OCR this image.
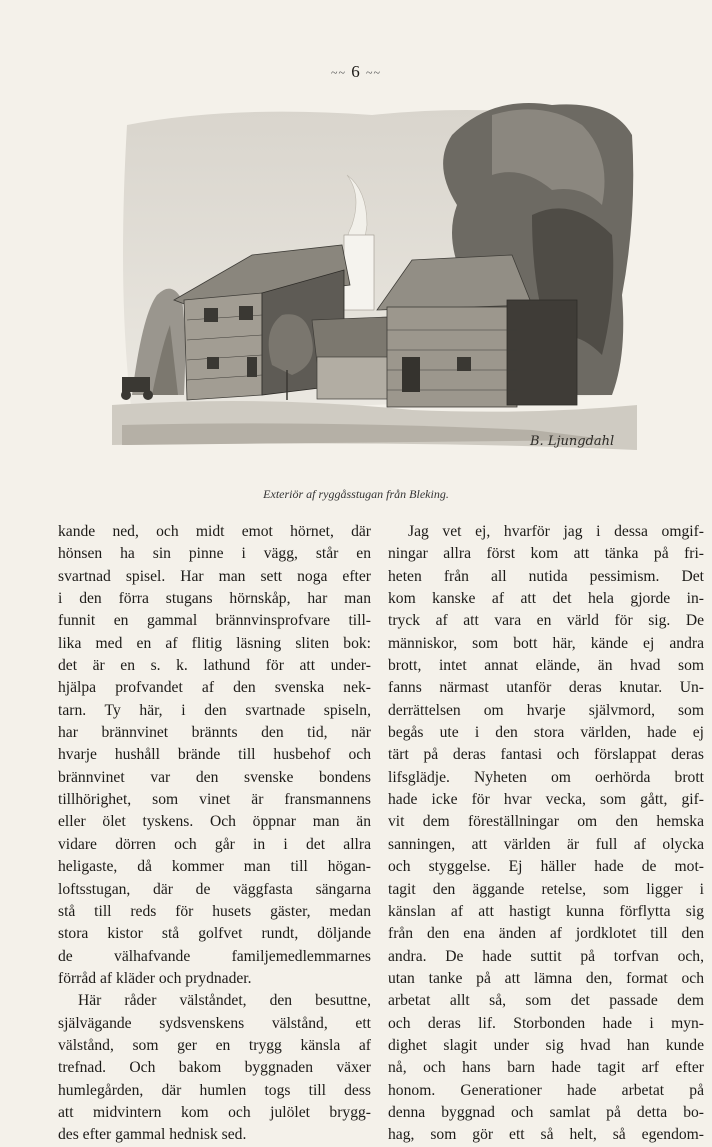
~~ 6 ~~
B. Ljungdahl
Exteriör af ryggåsstugan från Bleking.
kande ned, och midt emot hörnet, där
hönsen ha sin pinne i vägg, står en
svartnad spisel. Har man sett noga efter
i den förra stugans hörnskåp, har man
funnit en gammal brännvinsprofvare till-
lika med en af flitig läsning sliten bok:
det är en s. k. lathund för att under-
hjälpa profvandet af den svenska nek-
tarn. Ty här, i den svartnade spiseln,
har brännvinet brännts den tid, när
hvarje hushåll brände till husbehof och
brännvinet var den svenske bondens
tillhörighet, som vinet är fransmannens
eller ölet tyskens. Och öppnar man än
vidare dörren och går in i det allra
heligaste, då kommer man till högan-
loftsstugan, där de väggfasta sängarna
stå till reds för husets gäster, medan
stora kistor stå golfvet rundt, döljande
de välhafvande familjemedlemmarnes
förråd af kläder och prydnader.
Här råder välståndet, den besuttne,
självägande sydsvenskens välstånd, ett
välstånd, som ger en trygg känsla af
trefnad. Och bakom byggnaden växer
humlegården, där humlen togs till dess
att midvintern kom och julölet brygg-
des efter gammal hednisk sed.
Jag vet ej, hvarför jag i dessa omgif-
ningar allra först kom att tänka på fri-
heten från all nutida pessimism. Det
kom kanske af att det hela gjorde in-
tryck af att vara en värld för sig. De
människor, som bott här, kände ej andra
brott, intet annat elände, än hvad som
fanns närmast utanför deras knutar. Un-
derrättelsen om hvarje självmord, som
begås ute i den stora världen, hade ej
tärt på deras fantasi och förslappat deras
lifsglädje. Nyheten om oerhörda brott
hade icke för hvar vecka, som gått, gif-
vit dem föreställningar om den hemska
sanningen, att världen är full af olycka
och styggelse. Ej häller hade de mot-
tagit den äggande retelse, som ligger i
känslan af att hastigt kunna förflytta sig
från den ena änden af jordklotet till den
andra. De hade suttit på torfvan och,
utan tanke på att lämna den, format och
arbetat allt så, som det passade dem
och deras lif. Storbonden hade i myn-
dighet slagit under sig hvad han kunde
nå, och hans barn hade tagit arf efter
honom. Generationer hade arbetat på
denna byggnad och samlat på detta bo-
hag, som gör ett så helt, så egendom-
